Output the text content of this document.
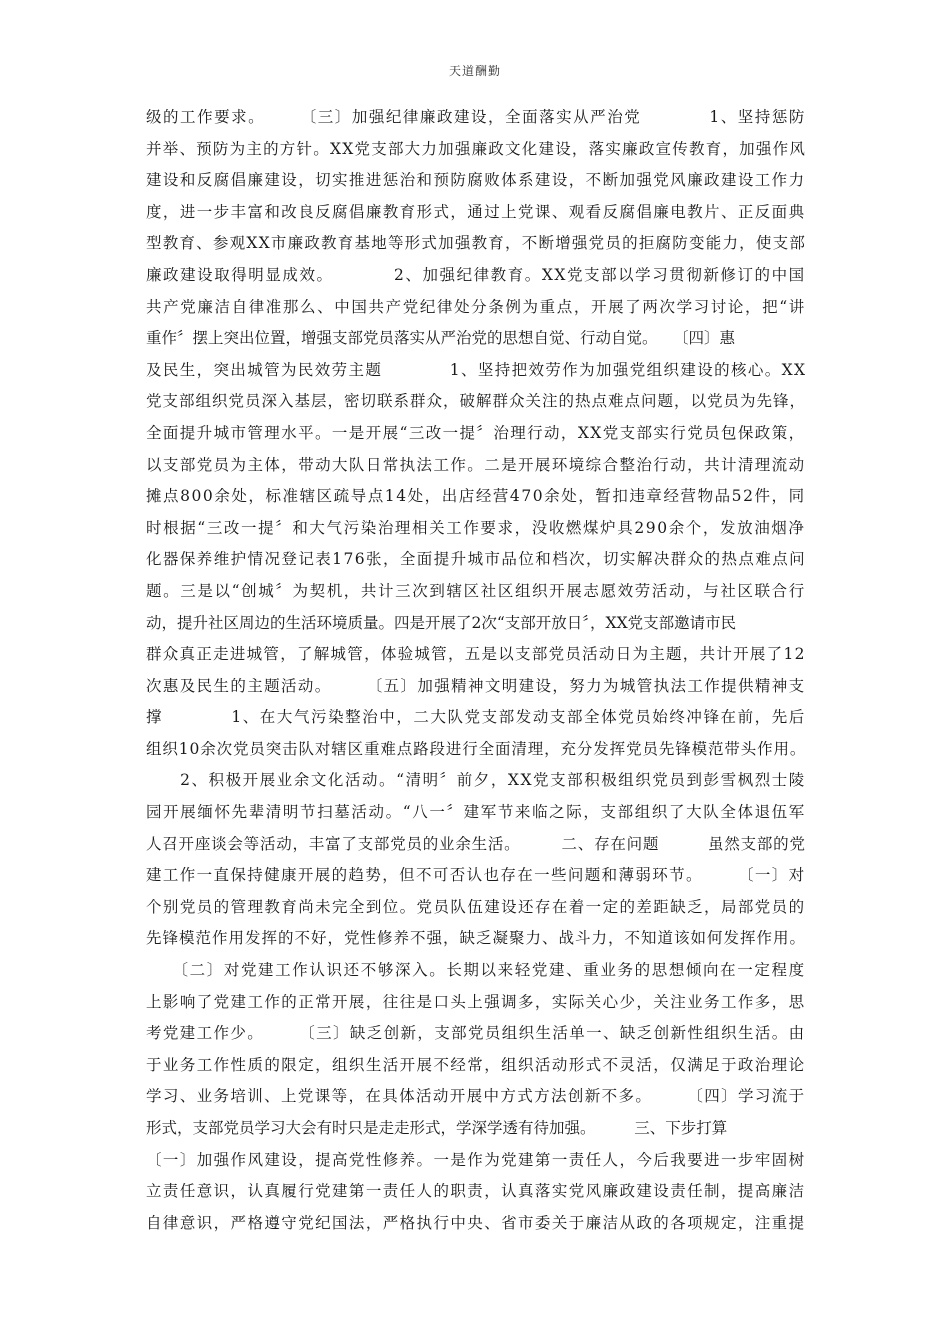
天道酬勤
级的工作要求。　　　〔三〕加强纪律廉政建设，全面落实从严治党　　　　1、坚持惩防
并举、预防为主的方针。XX党支部大力加强廉政文化建设，落实廉政宣传教育，加强作风
建设和反腐倡廉建设，切实推进惩治和预防腐败体系建设，不断加强党风廉政建设工作力
度，进一步丰富和改良反腐倡廉教育形式，通过上党课、观看反腐倡廉电教片、正反面典
型教育、参观XX市廉政教育基地等形式加强教育，不断增强党员的拒腐防变能力，使支部
廉政建设取得明显成效。　　　　2、加强纪律教育。XX党支部以学习贯彻新修订的中国
共产党廉洁自律准那么、中国共产党纪律处分条例为重点，开展了两次学习讨论，把“讲
重作〞摆上突出位置，增强支部党员落实从严治党的思想自觉、行动自觉。　　〔四〕惠
及民生，突出城管为民效劳主题　　　　1、坚持把效劳作为加强党组织建设的核心。XX
党支部组织党员深入基层，密切联系群众，破解群众关注的热点难点问题，以党员为先锋，
全面提升城市管理水平。一是开展“三改一提〞治理行动，XX党支部实行党员包保政策，
以支部党员为主体，带动大队日常执法工作。二是开展环境综合整治行动，共计清理流动
摊点800余处，标准辖区疏导点14处，出店经营470余处，暂扣违章经营物品52件，同
时根据“三改一提〞和大气污染治理相关工作要求，没收燃煤炉具290余个，发放油烟净
化器保养维护情况登记表176张，全面提升城市品位和档次，切实解决群众的热点难点问
题。三是以“创城〞为契机，共计三次到辖区社区组织开展志愿效劳活动，与社区联合行
动，提升社区周边的生活环境质量。四是开展了2次“支部开放日〞，XX党支部邀请市民
群众真正走进城管，了解城管，体验城管，五是以支部党员活动日为主题，共计开展了12
次惠及民生的主题活动。　　　〔五〕加强精神文明建设，努力为城管执法工作提供精神支
撑　　　　1、在大气污染整治中，二大队党支部发动支部全体党员始终冲锋在前，先后
组织10余次党员突击队对辖区重难点路段进行全面清理，充分发挥党员先锋模范带头作用。
　　2、积极开展业余文化活动。“清明〞前夕，XX党支部积极组织党员到彭雪枫烈士陵
园开展缅怀先辈清明节扫墓活动。“八一〞建军节来临之际，支部组织了大队全体退伍军
人召开座谈会等活动，丰富了支部党员的业余生活。　　　二、存在问题　　　虽然支部的党
建工作一直保持健康开展的趋势，但不可否认也存在一些问题和薄弱环节。　　　〔一〕对
个别党员的管理教育尚未完全到位。党员队伍建设还存在着一定的差距缺乏，局部党员的
先锋模范作用发挥的不好，党性修养不强，缺乏凝聚力、战斗力，不知道该如何发挥作用。
　　〔二〕对党建工作认识还不够深入。长期以来轻党建、重业务的思想倾向在一定程度
上影响了党建工作的正常开展，往往是口头上强调多，实际关心少，关注业务工作多，思
考党建工作少。　　　〔三〕缺乏创新，支部党员组织生活单一、缺乏创新性组织生活。由
于业务工作性质的限定，组织生活开展不经常，组织活动形式不灵活，仅满足于政治理论
学习、业务培训、上党课等，在具体活动开展中方式方法创新不多。　　　〔四〕学习流于
形式，支部党员学习大会有时只是走走形式，学深学透有待加强。　　　三、下步打算
〔一〕加强作风建设，提高党性修养。一是作为党建第一责任人，今后我要进一步牢固树
立责任意识，认真履行党建第一责任人的职责，认真落实党风廉政建设责任制，提高廉洁
自律意识，严格遵守党纪国法，严格执行中央、省市委关于廉洁从政的各项规定，注重提
